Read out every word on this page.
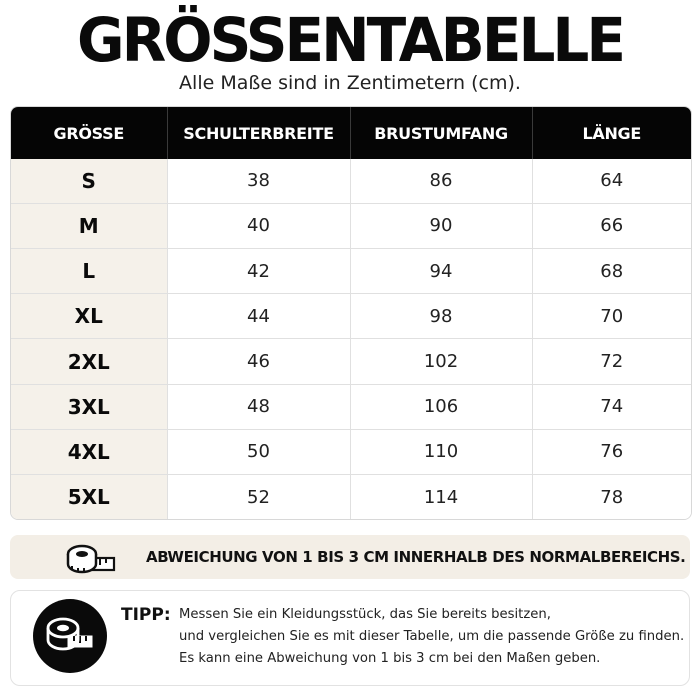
GRÖSSENTABELLE
Alle Maße sind in Zentimetern (cm).
GRÖSSE	SCHULTERBREITE	BRUSTUMFANG	LÄNGE
S	38	86	64
M	40	90	66
L	42	94	68
XL	44	98	70
2XL	46	102	72
3XL	48	106	74
4XL	50	110	76
5XL	52	114	78
ABWEICHUNG VON 1 BIS 3 CM INNERHALB DES NORMALBEREICHS.
TIPP: Messen Sie ein Kleidungsstück, das Sie bereits besitzen,
und vergleichen Sie es mit dieser Tabelle, um die passende Größe zu finden.
Es kann eine Abweichung von 1 bis 3 cm bei den Maßen geben.
